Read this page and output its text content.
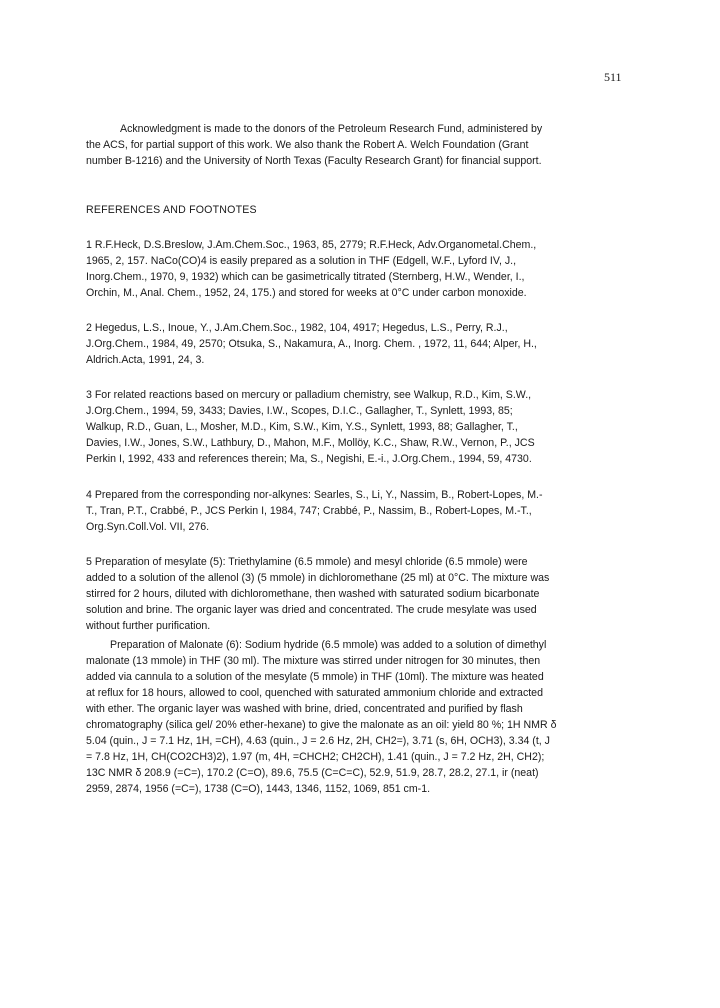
511
Acknowledgment is made to the donors of the Petroleum Research Fund, administered by
the ACS, for partial support of this work. We also thank the Robert A. Welch Foundation (Grant
number B-1216) and the University of North Texas (Faculty Research Grant) for financial support.
REFERENCES AND FOOTNOTES
1 R.F.Heck, D.S.Breslow, J.Am.Chem.Soc., 1963, 85, 2779; R.F.Heck, Adv.Organometal.Chem.,
1965, 2, 157. NaCo(CO)4 is easily prepared as a solution in THF (Edgell, W.F., Lyford IV, J.,
Inorg.Chem., 1970, 9, 1932) which can be gasimetrically titrated (Sternberg, H.W., Wender, I.,
Orchin, M., Anal. Chem., 1952, 24, 175.) and stored for weeks at 0°C under carbon monoxide.
2 Hegedus, L.S., Inoue, Y., J.Am.Chem.Soc., 1982, 104, 4917; Hegedus, L.S., Perry, R.J.,
J.Org.Chem., 1984, 49, 2570; Otsuka, S., Nakamura, A., Inorg. Chem. , 1972, 11, 644; Alper, H.,
Aldrich.Acta, 1991, 24, 3.
3 For related reactions based on mercury or palladium chemistry, see Walkup, R.D., Kim, S.W.,
J.Org.Chem., 1994, 59, 3433; Davies, I.W., Scopes, D.I.C., Gallagher, T., Synlett, 1993, 85;
Walkup, R.D., Guan, L., Mosher, M.D., Kim, S.W., Kim, Y.S., Synlett, 1993, 88; Gallagher, T.,
Davies, I.W., Jones, S.W., Lathbury, D., Mahon, M.F., Mollöy, K.C., Shaw, R.W., Vernon, P., JCS
Perkin I, 1992, 433 and references therein; Ma, S., Negishi, E.-i., J.Org.Chem., 1994, 59, 4730.
4 Prepared from the corresponding nor-alkynes: Searles, S., Li, Y., Nassim, B., Robert-Lopes, M.-
T., Tran, P.T., Crabbé, P., JCS Perkin I, 1984, 747; Crabbé, P., Nassim, B., Robert-Lopes, M.-T.,
Org.Syn.Coll.Vol. VII, 276.
5 Preparation of mesylate (5): Triethylamine (6.5 mmole) and mesyl chloride (6.5 mmole) were
added to a solution of the allenol (3) (5 mmole) in dichloromethane (25 ml) at 0°C. The mixture was
stirred for 2 hours, diluted with dichloromethane, then washed with saturated sodium bicarbonate
solution and brine. The organic layer was dried and concentrated. The crude mesylate was used
without further purification.
Preparation of Malonate (6): Sodium hydride (6.5 mmole) was added to a solution of dimethyl
malonate (13 mmole) in THF (30 ml). The mixture was stirred under nitrogen for 30 minutes, then
added via cannula to a solution of the mesylate (5 mmole) in THF (10ml). The mixture was heated
at reflux for 18 hours, allowed to cool, quenched with saturated ammonium chloride and extracted
with ether. The organic layer was washed with brine, dried, concentrated and purified by flash
chromatography (silica gel/ 20% ether-hexane) to give the malonate as an oil: yield 80 %; 1H NMR δ
5.04 (quin., J = 7.1 Hz, 1H, =CH), 4.63 (quin., J = 2.6 Hz, 2H, CH2=), 3.71 (s, 6H, OCH3), 3.34 (t, J
= 7.8 Hz, 1H, CH(CO2CH3)2), 1.97 (m, 4H, =CHCH2; CH2CH), 1.41 (quin., J = 7.2 Hz, 2H, CH2);
13C NMR δ 208.9 (=C=), 170.2 (C=O), 89.6, 75.5 (C=C=C), 52.9, 51.9, 28.7, 28.2, 27.1, ir (neat)
2959, 2874, 1956 (=C=), 1738 (C=O), 1443, 1346, 1152, 1069, 851 cm-1.
